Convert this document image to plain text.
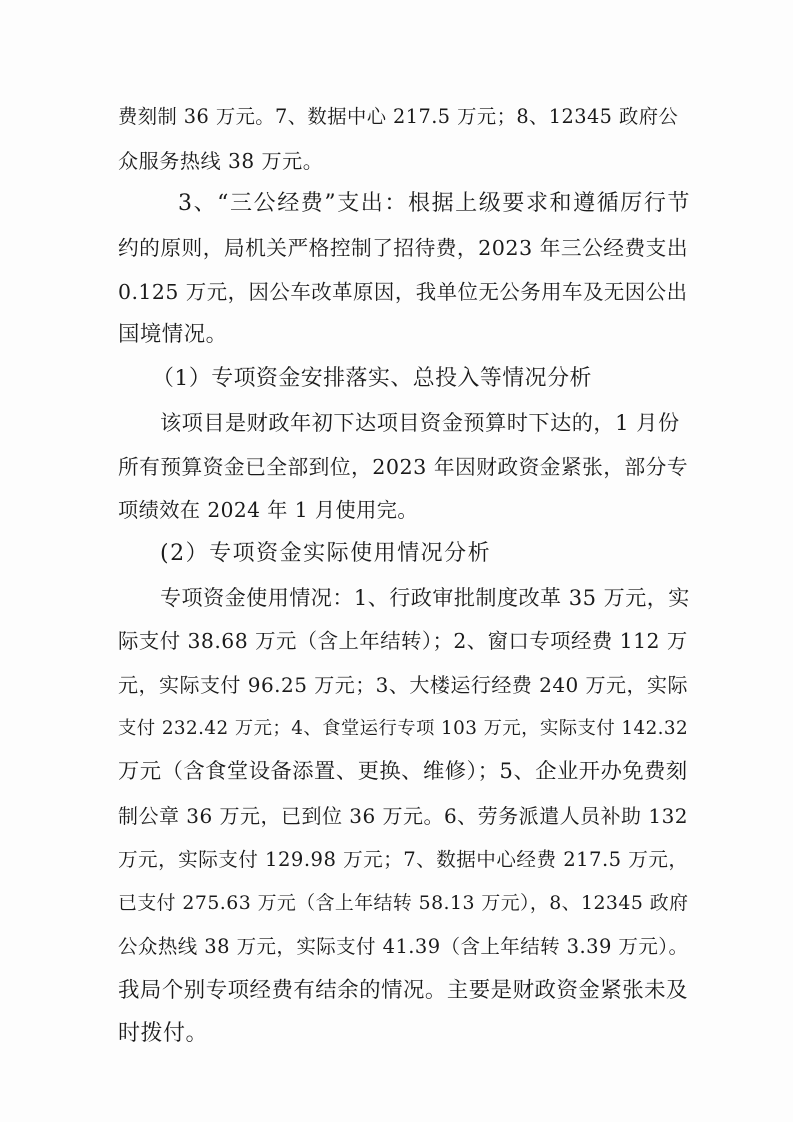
费刻制 36 万元。7、数据中心 217.5 万元；8、12345 政府公
众服务热线 38 万元。
3、“三公经费”支出：根据上级要求和遵循厉行节
约的原则，局机关严格控制了招待费，2023 年三公经费支出
0.125 万元，因公车改革原因，我单位无公务用车及无因公出
国境情况。
（1）专项资金安排落实、总投入等情况分析
该项目是财政年初下达项目资金预算时下达的，1 月份
所有预算资金已全部到位，2023 年因财政资金紧张，部分专
项绩效在 2024 年 1 月使用完。
(2）专项资金实际使用情况分析
专项资金使用情况：1、行政审批制度改革 35 万元，实
际支付 38.68 万元（含上年结转）；2、窗口专项经费 112 万
元，实际支付 96.25 万元；3、大楼运行经费 240 万元，实际
支付 232.42 万元；4、食堂运行专项 103 万元，实际支付 142.32
万元（含食堂设备添置、更换、维修）；5、企业开办免费刻
制公章 36 万元，已到位 36 万元。6、劳务派遣人员补助 132
万元，实际支付 129.98 万元；7、数据中心经费 217.5 万元，
已支付 275.63 万元（含上年结转 58.13 万元），8、12345 政府
公众热线 38 万元，实际支付 41.39（含上年结转 3.39 万元）。
我局个别专项经费有结余的情况。主要是财政资金紧张未及
时拨付。
